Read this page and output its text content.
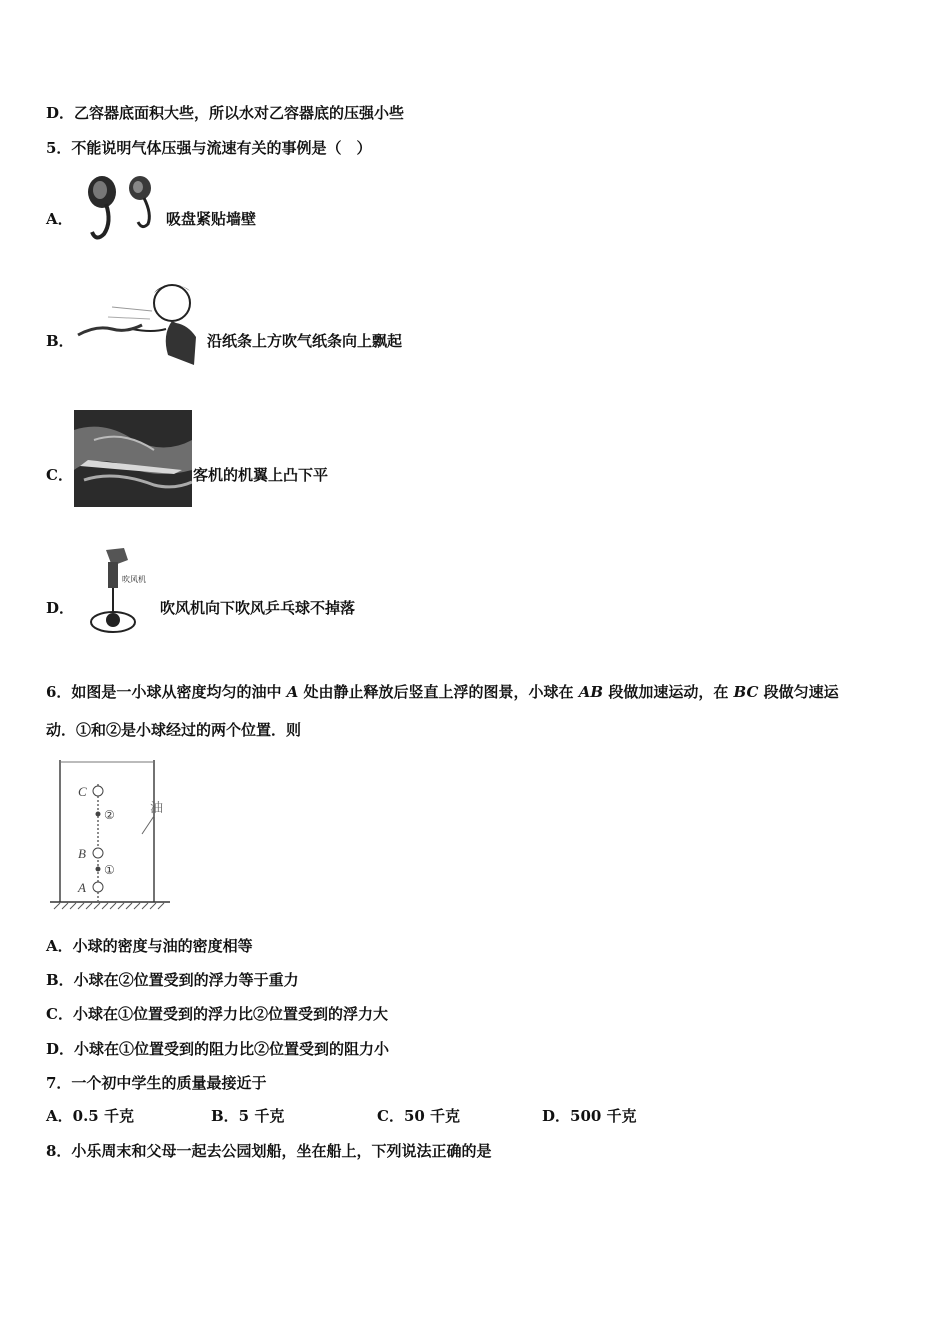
D．乙容器底面积大些，所以水对乙容器底的压强小些
5．不能说明气体压强与流速有关的事例是（　）
A．	吸盘紧贴墙壁
B．	沿纸条上方吹气纸条向上飘起
C．	客机的机翼上凸下平
D．
吹风机
吹风机向下吹风乒乓球不掉落
6．如图是一小球从密度均匀的油中 A 处由静止释放后竖直上浮的图景，小球在 AB 段做加速运动，在 BC 段做匀速运
动．①和②是小球经过的两个位置．则
C
B
A
②
①
油
A．小球的密度与油的密度相等
B．小球在②位置受到的浮力等于重力
C．小球在①位置受到的浮力比②位置受到的浮力大
D．小球在①位置受到的阻力比②位置受到的阻力小
7．一个初中学生的质量最接近于
A．0.5 千克	B．5 千克	C．50 千克	D．500 千克
8．小乐周末和父母一起去公园划船，坐在船上，下列说法正确的是
